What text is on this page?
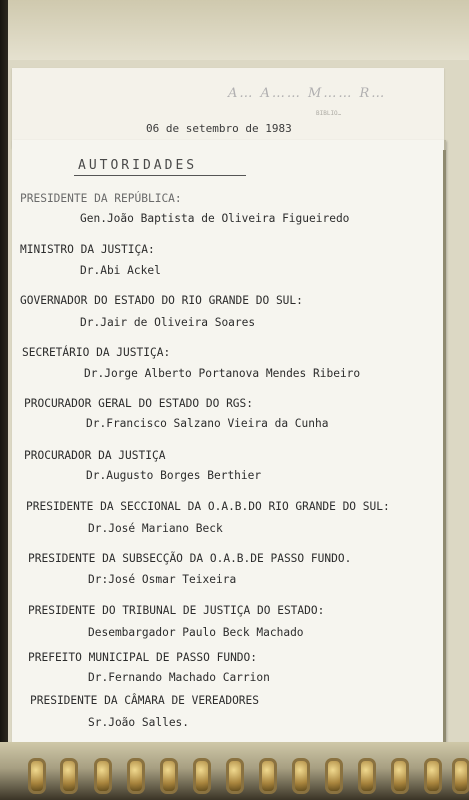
A… A…… M…… R…
BIBLIO…
06 de setembro de 1983
AUTORIDADES
PRESIDENTE DA REPÚBLICA:
Gen.João Baptista de Oliveira Figueiredo
MINISTRO DA JUSTIÇA:
Dr.Abi Ackel
GOVERNADOR DO ESTADO DO RIO GRANDE DO SUL:
Dr.Jair de Oliveira Soares
SECRETÁRIO DA JUSTIÇA:
Dr.Jorge Alberto Portanova Mendes Ribeiro
PROCURADOR GERAL DO ESTADO DO RGS:
Dr.Francisco Salzano Vieira da Cunha
PROCURADOR DA JUSTIÇA
Dr.Augusto Borges Berthier
PRESIDENTE DA SECCIONAL DA O.A.B.DO RIO GRANDE DO SUL:
Dr.José Mariano Beck
PRESIDENTE DA SUBSECÇÃO DA O.A.B.DE PASSO FUNDO.
Dr:José Osmar Teixeira
PRESIDENTE DO TRIBUNAL DE JUSTIÇA DO ESTADO:
Desembargador Paulo Beck Machado
PREFEITO MUNICIPAL DE PASSO FUNDO:
Dr.Fernando Machado Carrion
PRESIDENTE DA CÂMARA DE VEREADORES
Sr.João Salles.
